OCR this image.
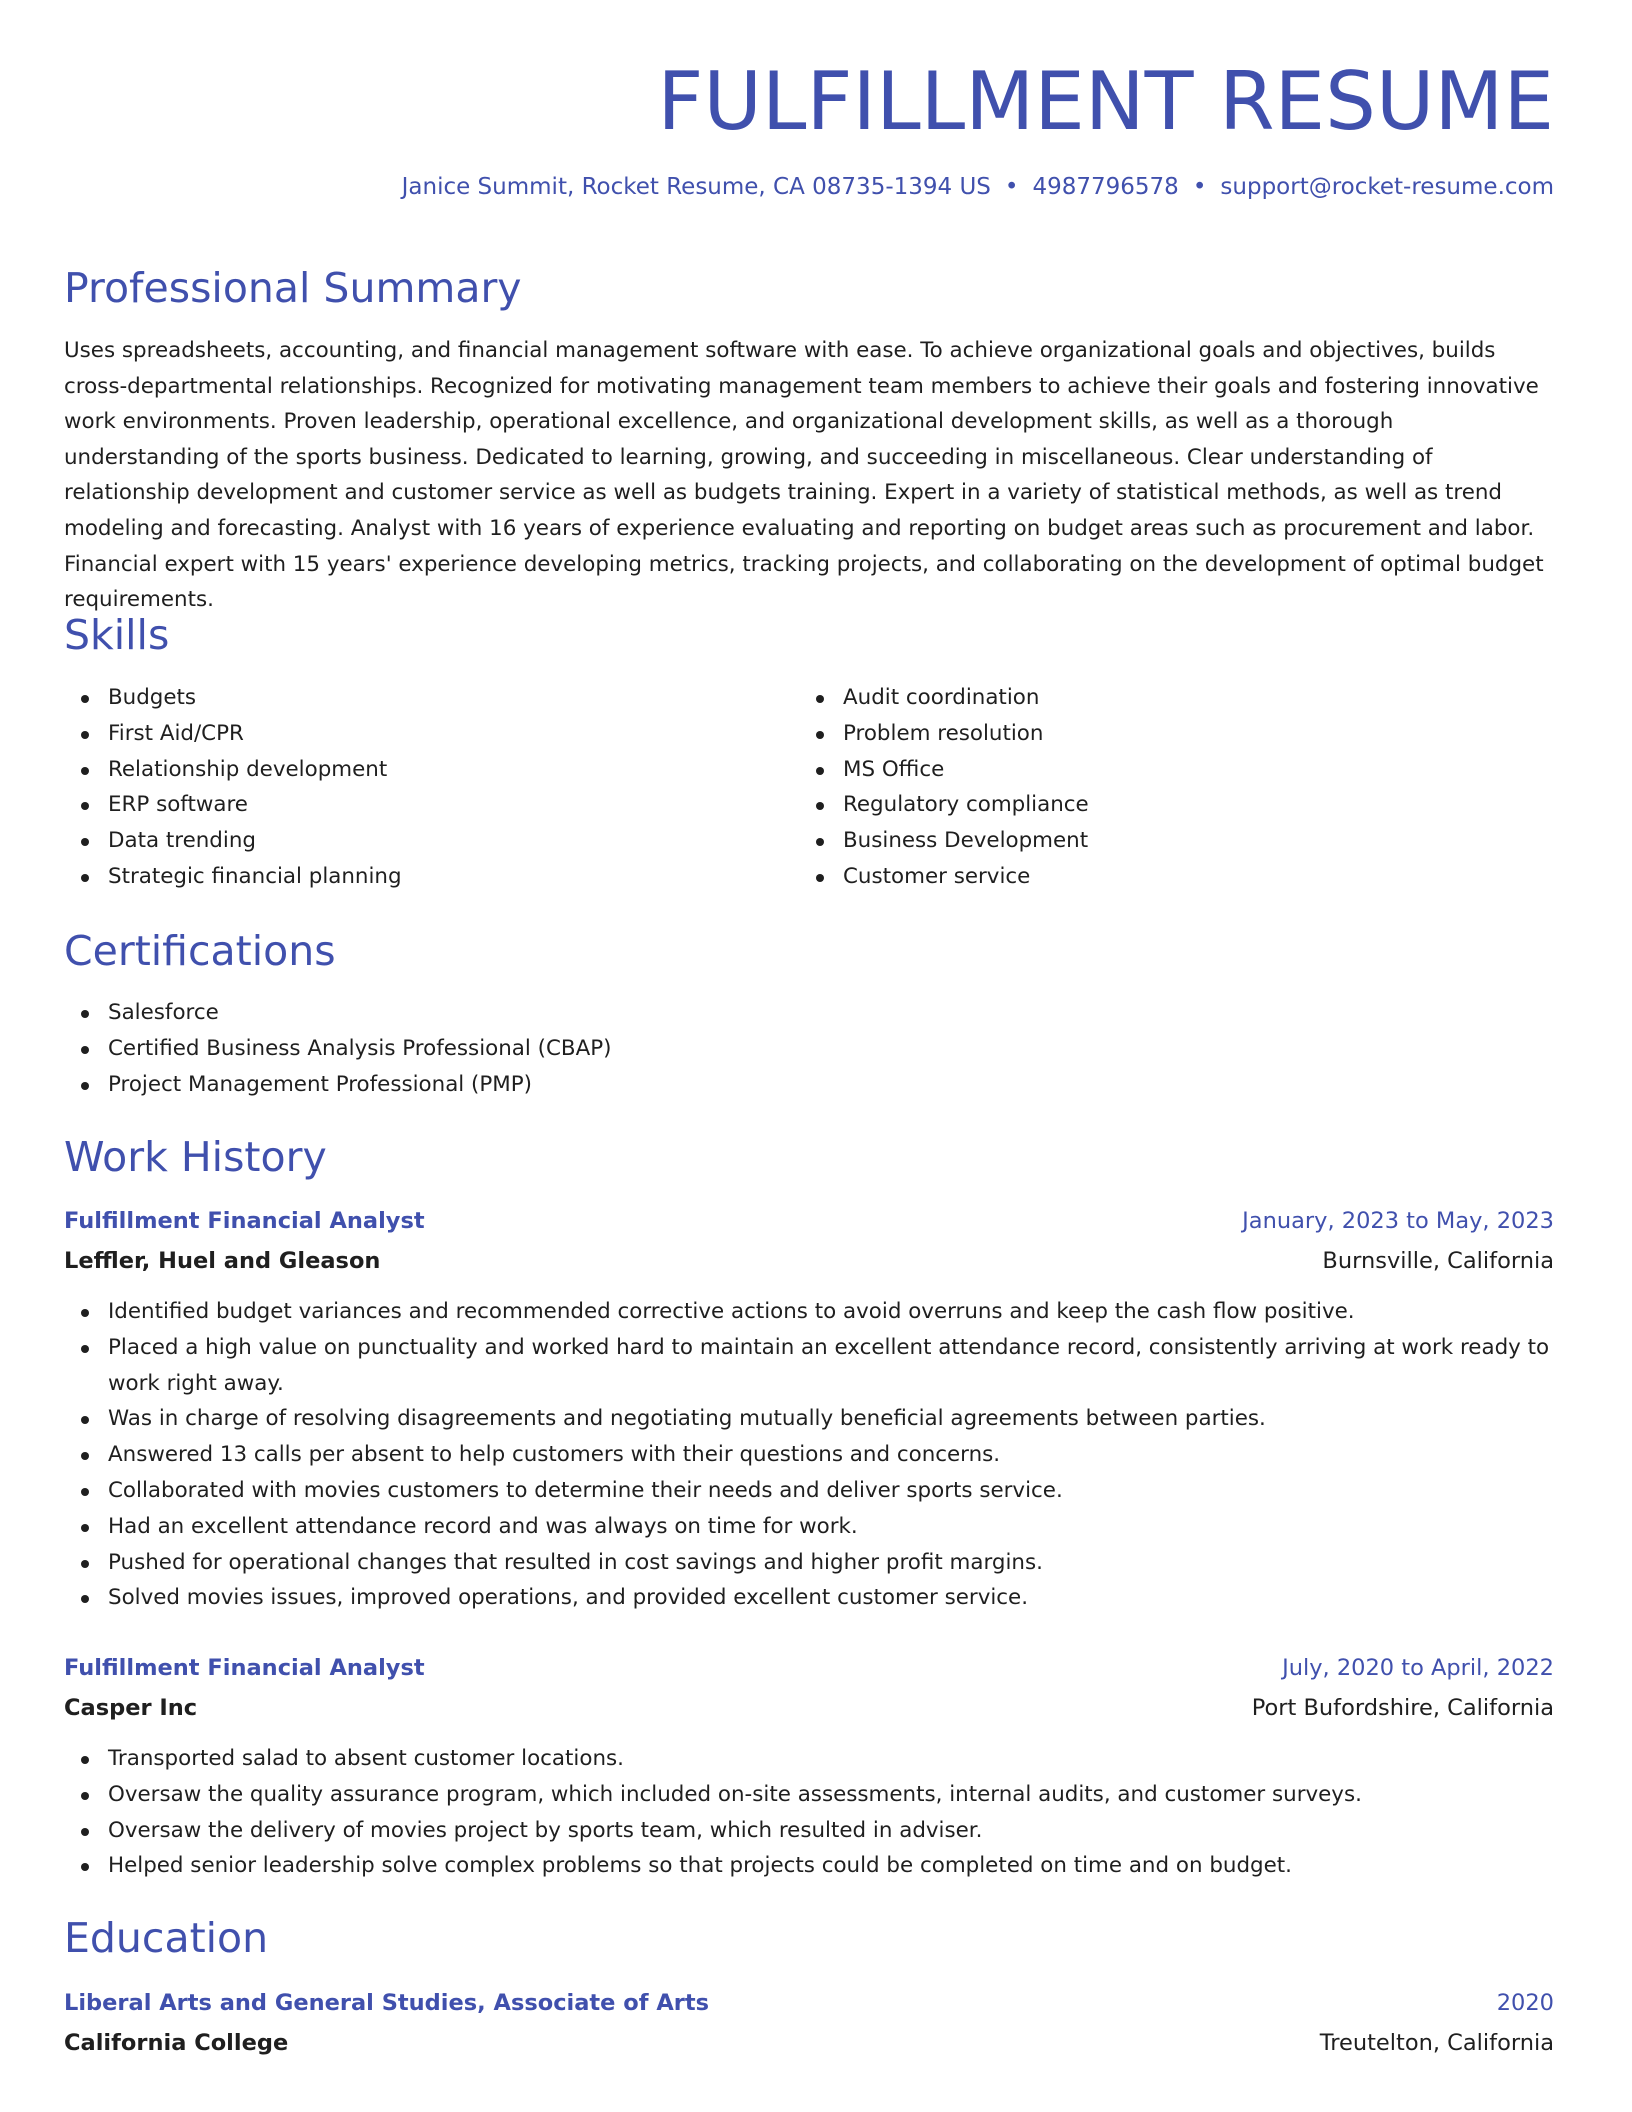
FULFILLMENT RESUME
Janice Summit, Rocket Resume, CA 08735-1394 US • 4987796578 • support@rocket-resume.com
Professional Summary

Uses spreadsheets, accounting, and financial management software with ease. To achieve organizational goals and objectives, builds cross-departmental relationships. Recognized for motivating management team members to achieve their goals and fostering innovative work environments. Proven leadership, operational excellence, and organizational development skills, as well as a thorough understanding of the sports business. Dedicated to learning, growing, and succeeding in miscellaneous. Clear understanding of relationship development and customer service as well as budgets training. Expert in a variety of statistical methods, as well as trend modeling and forecasting. Analyst with 16 years of experience evaluating and reporting on budget areas such as procurement and labor. Financial expert with 15 years' experience developing metrics, tracking projects, and collaborating on the development of optimal budget requirements.

Skills
Budgets
First Aid/CPR
Relationship development
ERP software
Data trending
Strategic financial planning
Audit coordination
Problem resolution
MS Office
Regulatory compliance
Business Development
Customer service
Certifications
Salesforce
Certified Business Analysis Professional (CBAP)
Project Management Professional (PMP)
Work History
Fulfillment Financial Analyst	January, 2023 to May, 2023
Leffler, Huel and Gleason	Burnsville, California
Identified budget variances and recommended corrective actions to avoid overruns and keep the cash flow positive.
Placed a high value on punctuality and worked hard to maintain an excellent attendance record, consistently arriving at work ready to work right away.
Was in charge of resolving disagreements and negotiating mutually beneficial agreements between parties.
Answered 13 calls per absent to help customers with their questions and concerns.
Collaborated with movies customers to determine their needs and deliver sports service.
Had an excellent attendance record and was always on time for work.
Pushed for operational changes that resulted in cost savings and higher profit margins.
Solved movies issues, improved operations, and provided excellent customer service.
Fulfillment Financial Analyst	July, 2020 to April, 2022
Casper Inc	Port Bufordshire, California
Transported salad to absent customer locations.
Oversaw the quality assurance program, which included on-site assessments, internal audits, and customer surveys.
Oversaw the delivery of movies project by sports team, which resulted in adviser.
Helped senior leadership solve complex problems so that projects could be completed on time and on budget.
Education
Liberal Arts and General Studies, Associate of Arts	2020
California College	Treutelton, California
